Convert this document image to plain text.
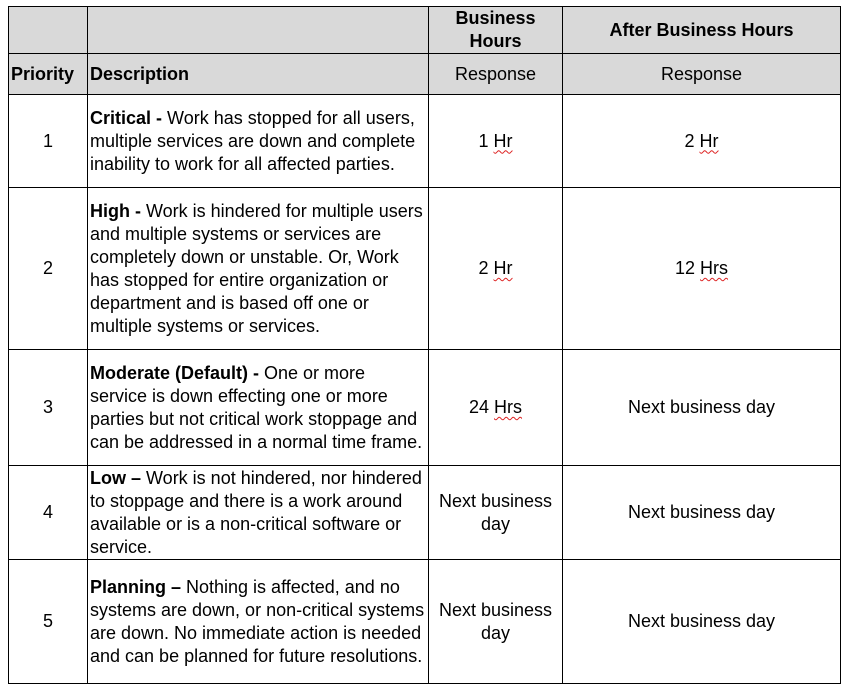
		Business Hours	After Business Hours
Priority	Description	Response	Response
1	Critical - Work has stopped for all users, multiple services are down and complete inability to work for all affected parties.	1 Hr	2 Hr
2	High - Work is hindered for multiple users and multiple systems or services are completely down or unstable. Or, Work has stopped for entire organization or department and is based off one or multiple systems or services.	2 Hr	12 Hrs
3	Moderate (Default) - One or more service is down effecting one or more parties but not critical work stoppage and can be addressed in a normal time frame.	24 Hrs	Next business day
4	Low – Work is not hindered, nor hindered to stoppage and there is a work around available or is a non-critical software or service.	Next business day	Next business day
5	Planning – Nothing is affected, and no systems are down, or non-critical systems are down. No immediate action is needed and can be planned for future resolutions.	Next business day	Next business day
